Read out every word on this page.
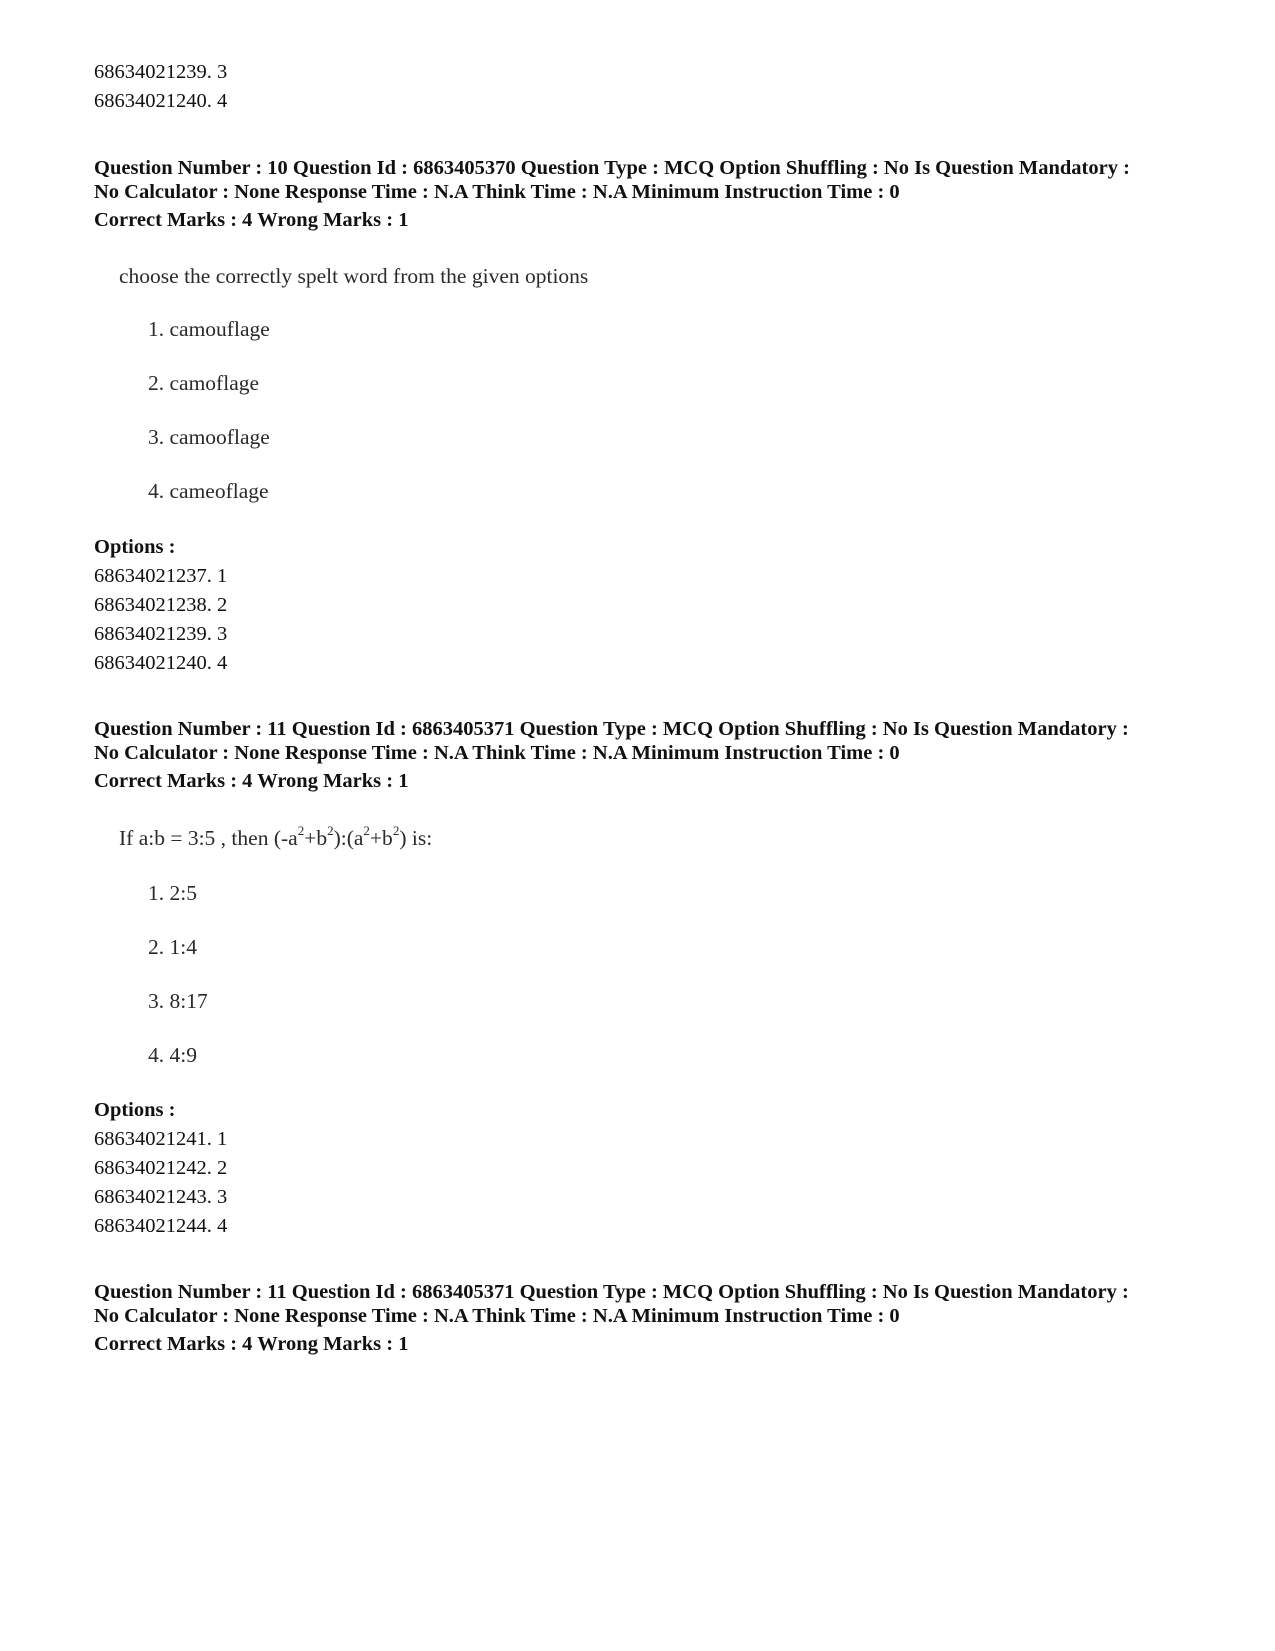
68634021239. 3
68634021240. 4
Question Number : 10 Question Id : 6863405370 Question Type : MCQ Option Shuffling : No Is Question Mandatory :
No Calculator : None Response Time : N.A Think Time : N.A Minimum Instruction Time : 0
Correct Marks : 4 Wrong Marks : 1
choose the correctly spelt word from the given options
1. camouflage
2. camoflage
3. camooflage
4. cameoflage
Options :
68634021237. 1
68634021238. 2
68634021239. 3
68634021240. 4
Question Number : 11 Question Id : 6863405371 Question Type : MCQ Option Shuffling : No Is Question Mandatory :
No Calculator : None Response Time : N.A Think Time : N.A Minimum Instruction Time : 0
Correct Marks : 4 Wrong Marks : 1
If a:b = 3:5 , then $(-a^2+b^2):(a^2+b^2)$ is:
1. 2:5
2. 1:4
3. 8:17
4. 4:9
Options :
68634021241. 1
68634021242. 2
68634021243. 3
68634021244. 4
Question Number : 11 Question Id : 6863405371 Question Type : MCQ Option Shuffling : No Is Question Mandatory :
No Calculator : None Response Time : N.A Think Time : N.A Minimum Instruction Time : 0
Correct Marks : 4 Wrong Marks : 1
